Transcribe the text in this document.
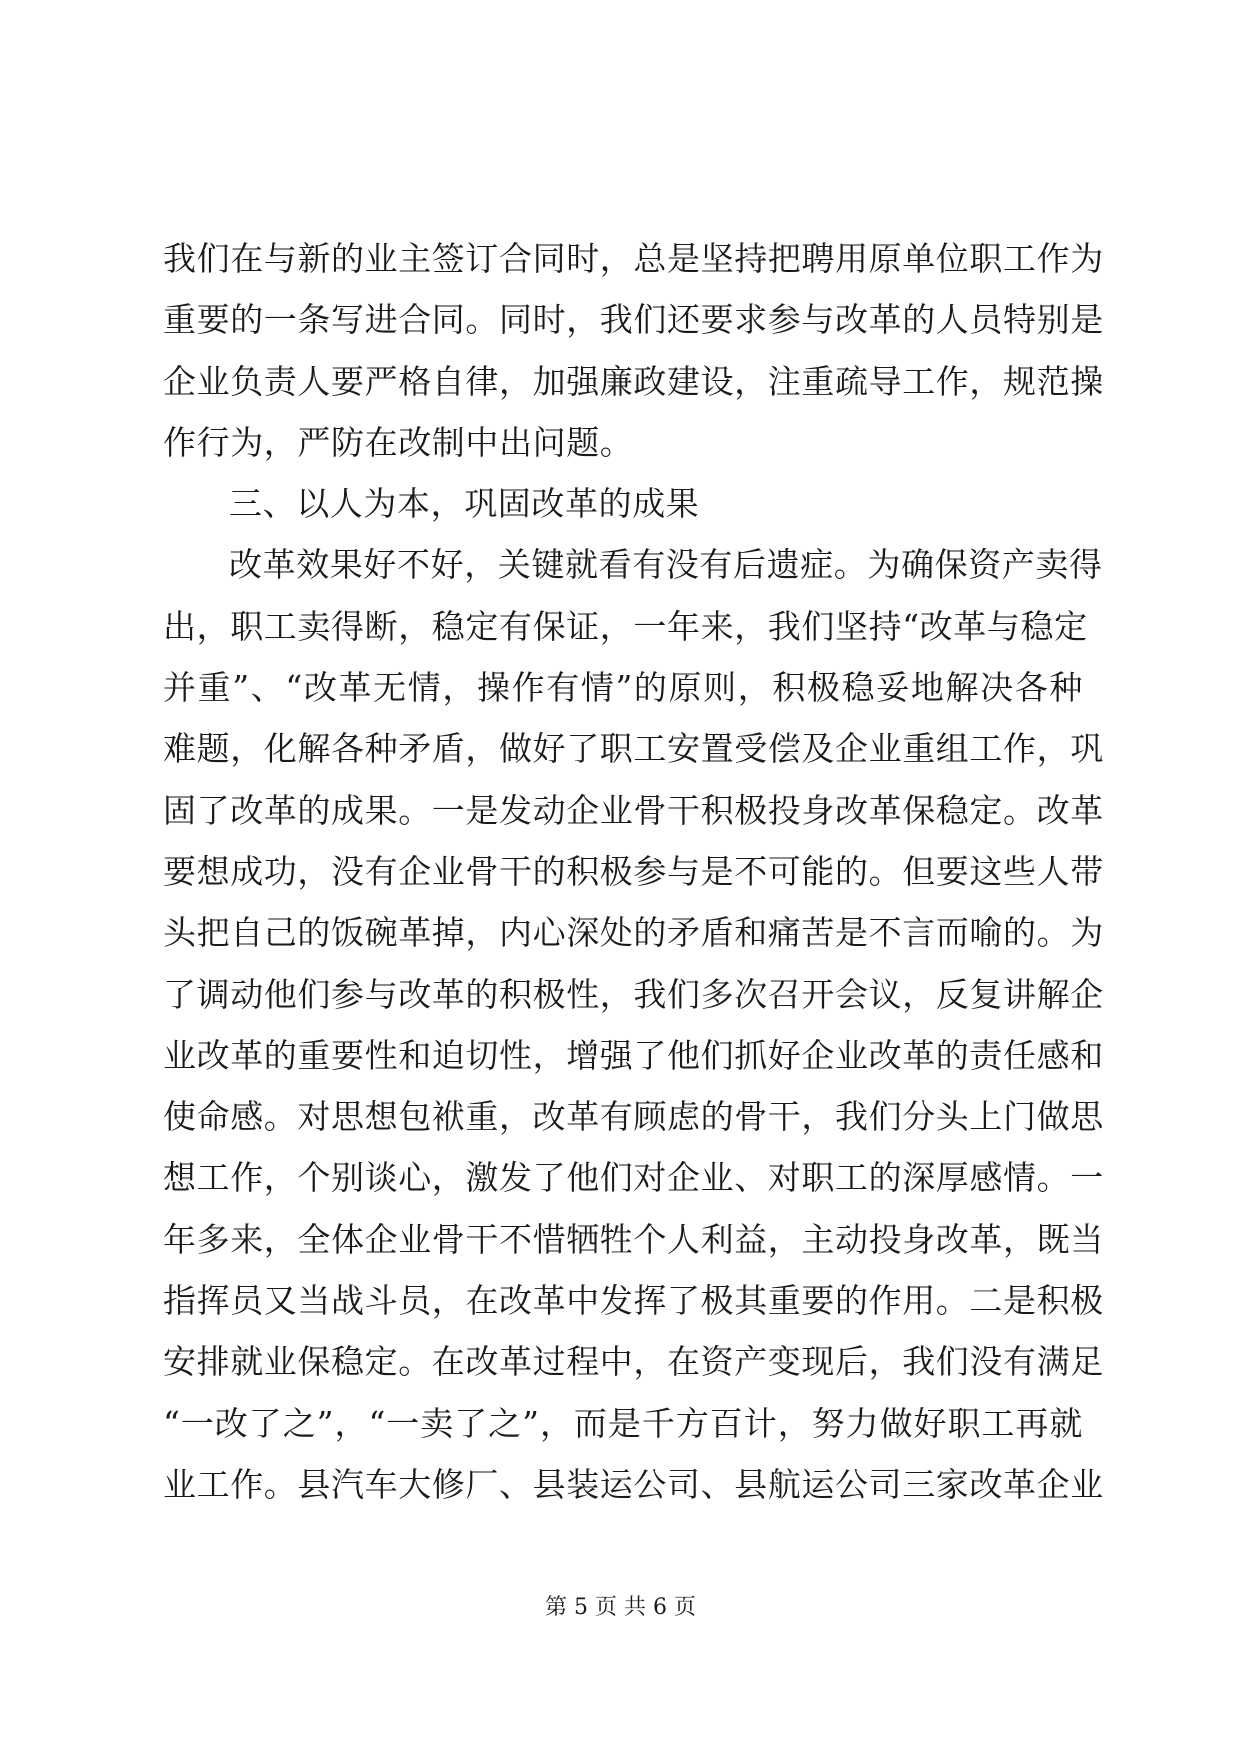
我们在与新的业主签订合同时，总是坚持把聘用原单位职工作为
重要的一条写进合同。同时，我们还要求参与改革的人员特别是
企业负责人要严格自律，加强廉政建设，注重疏导工作，规范操
作行为，严防在改制中出问题。
三、以人为本，巩固改革的成果
改革效果好不好，关键就看有没有后遗症。为确保资产卖得
出，职工卖得断，稳定有保证，一年来，我们坚持“改革与稳定
并重”、“改革无情，操作有情”的原则，积极稳妥地解决各种
难题，化解各种矛盾，做好了职工安置受偿及企业重组工作，巩
固了改革的成果。一是发动企业骨干积极投身改革保稳定。改革
要想成功，没有企业骨干的积极参与是不可能的。但要这些人带
头把自己的饭碗革掉，内心深处的矛盾和痛苦是不言而喻的。为
了调动他们参与改革的积极性，我们多次召开会议，反复讲解企
业改革的重要性和迫切性，增强了他们抓好企业改革的责任感和
使命感。对思想包袱重，改革有顾虑的骨干，我们分头上门做思
想工作，个别谈心，激发了他们对企业、对职工的深厚感情。一
年多来，全体企业骨干不惜牺牲个人利益，主动投身改革，既当
指挥员又当战斗员，在改革中发挥了极其重要的作用。二是积极
安排就业保稳定。在改革过程中，在资产变现后，我们没有满足
“一改了之”，“一卖了之”，而是千方百计，努力做好职工再就
业工作。县汽车大修厂、县装运公司、县航运公司三家改革企业
第 5 页 共 6 页
